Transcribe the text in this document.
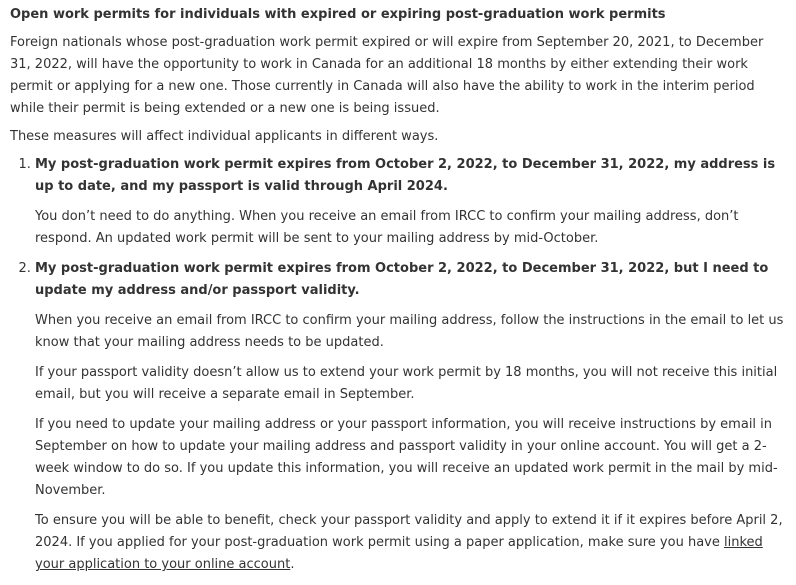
Open work permits for individuals with expired or expiring post-graduation work permits

Foreign nationals whose post-graduation work permit expired or will expire from September 20, 2021, to December 31, 2022, will have the opportunity to work in Canada for an additional 18 months by either extending their work permit or applying for a new one. Those currently in Canada will also have the ability to work in the interim period while their permit is being extended or a new one is being issued.

These measures will affect individual applicants in different ways.

1. My post-graduation work permit expires from October 2, 2022, to December 31, 2022, my address is up to date, and my passport is valid through April 2024.

You don’t need to do anything. When you receive an email from IRCC to confirm your mailing address, don’t respond. An updated work permit will be sent to your mailing address by mid-October.

2. My post-graduation work permit expires from October 2, 2022, to December 31, 2022, but I need to update my address and/or passport validity.

When you receive an email from IRCC to confirm your mailing address, follow the instructions in the email to let us know that your mailing address needs to be updated.

If your passport validity doesn’t allow us to extend your work permit by 18 months, you will not receive this initial email, but you will receive a separate email in September.

If you need to update your mailing address or your passport information, you will receive instructions by email in September on how to update your mailing address and passport validity in your online account. You will get a 2-week window to do so. If you update this information, you will receive an updated work permit in the mail by mid-November.

To ensure you will be able to benefit, check your passport validity and apply to extend it if it expires before April 2, 2024. If you applied for your post-graduation work permit using a paper application, make sure you have linked your application to your online account.
